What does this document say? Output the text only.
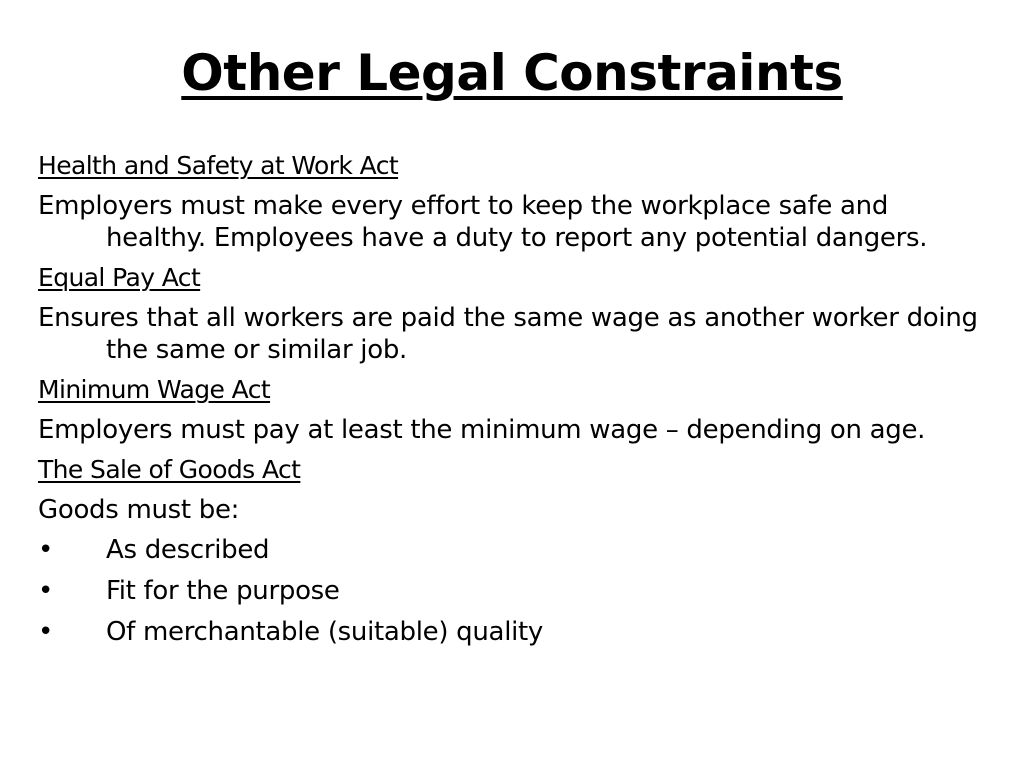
Other Legal Constraints
Health and Safety at Work Act
Employers must make every effort to keep the workplace safe and healthy. Employees have a duty to report any potential dangers.
Equal Pay Act
Ensures that all workers are paid the same wage as another worker doing the same or similar job.
Minimum Wage Act
Employers must pay at least the minimum wage – depending on age.
The Sale of Goods Act
Goods must be:
•	As described
•	Fit for the purpose
•	Of merchantable (suitable) quality
